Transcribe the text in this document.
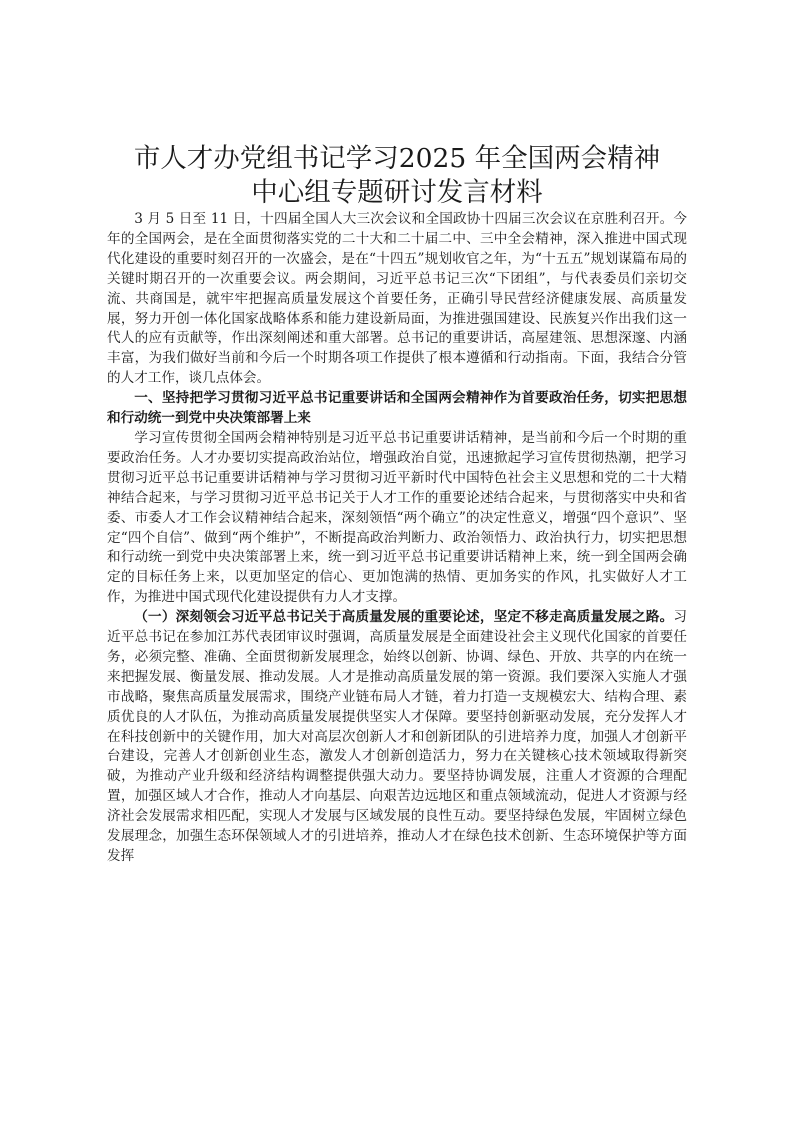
市人才办党组书记学习2025 年全国两会精神
中心组专题研讨发言材料

3 月 5 日至 11 日，十四届全国人大三次会议和全国政协十四届三次会议在京胜利召开。今年的全国两会，是在全面贯彻落实党的二十大和二十届二中、三中全会精神，深入推进中国式现代化建设的重要时刻召开的一次盛会，是在“十四五”规划收官之年，为“十五五”规划谋篇布局的关键时期召开的一次重要会议。两会期间，习近平总书记三次“下团组”，与代表委员们亲切交流、共商国是，就牢牢把握高质量发展这个首要任务，正确引导民营经济健康发展、高质量发展，努力开创一体化国家战略体系和能力建设新局面，为推进强国建设、民族复兴作出我们这一代人的应有贡献等，作出深刻阐述和重大部署。总书记的重要讲话，高屋建瓴、思想深邃、内涵丰富，为我们做好当前和今后一个时期各项工作提供了根本遵循和行动指南。下面，我结合分管的人才工作，谈几点体会。

一、坚持把学习贯彻习近平总书记重要讲话和全国两会精神作为首要政治任务，切实把思想和行动统一到党中央决策部署上来

学习宣传贯彻全国两会精神特别是习近平总书记重要讲话精神，是当前和今后一个时期的重要政治任务。人才办要切实提高政治站位，增强政治自觉，迅速掀起学习宣传贯彻热潮，把学习贯彻习近平总书记重要讲话精神与学习贯彻习近平新时代中国特色社会主义思想和党的二十大精神结合起来，与学习贯彻习近平总书记关于人才工作的重要论述结合起来，与贯彻落实中央和省委、市委人才工作会议精神结合起来，深刻领悟“两个确立”的决定性意义，增强“四个意识”、坚定“四个自信”、做到“两个维护”，不断提高政治判断力、政治领悟力、政治执行力，切实把思想和行动统一到党中央决策部署上来，统一到习近平总书记重要讲话精神上来，统一到全国两会确定的目标任务上来，以更加坚定的信心、更加饱满的热情、更加务实的作风，扎实做好人才工作，为推进中国式现代化建设提供有力人才支撑。

（一）深刻领会习近平总书记关于高质量发展的重要论述，坚定不移走高质量发展之路。习近平总书记在参加江苏代表团审议时强调，高质量发展是全面建设社会主义现代化国家的首要任务，必须完整、准确、全面贯彻新发展理念，始终以创新、协调、绿色、开放、共享的内在统一来把握发展、衡量发展、推动发展。人才是推动高质量发展的第一资源。我们要深入实施人才强市战略，聚焦高质量发展需求，围绕产业链布局人才链，着力打造一支规模宏大、结构合理、素质优良的人才队伍，为推动高质量发展提供坚实人才保障。要坚持创新驱动发展，充分发挥人才在科技创新中的关键作用，加大对高层次创新人才和创新团队的引进培养力度，加强人才创新平台建设，完善人才创新创业生态，激发人才创新创造活力，努力在关键核心技术领域取得新突破，为推动产业升级和经济结构调整提供强大动力。要坚持协调发展，注重人才资源的合理配置，加强区域人才合作，推动人才向基层、向艰苦边远地区和重点领域流动，促进人才资源与经济社会发展需求相匹配，实现人才发展与区域发展的良性互动。要坚持绿色发展，牢固树立绿色发展理念，加强生态环保领域人才的引进培养，推动人才在绿色技术创新、生态环境保护等方面发挥
